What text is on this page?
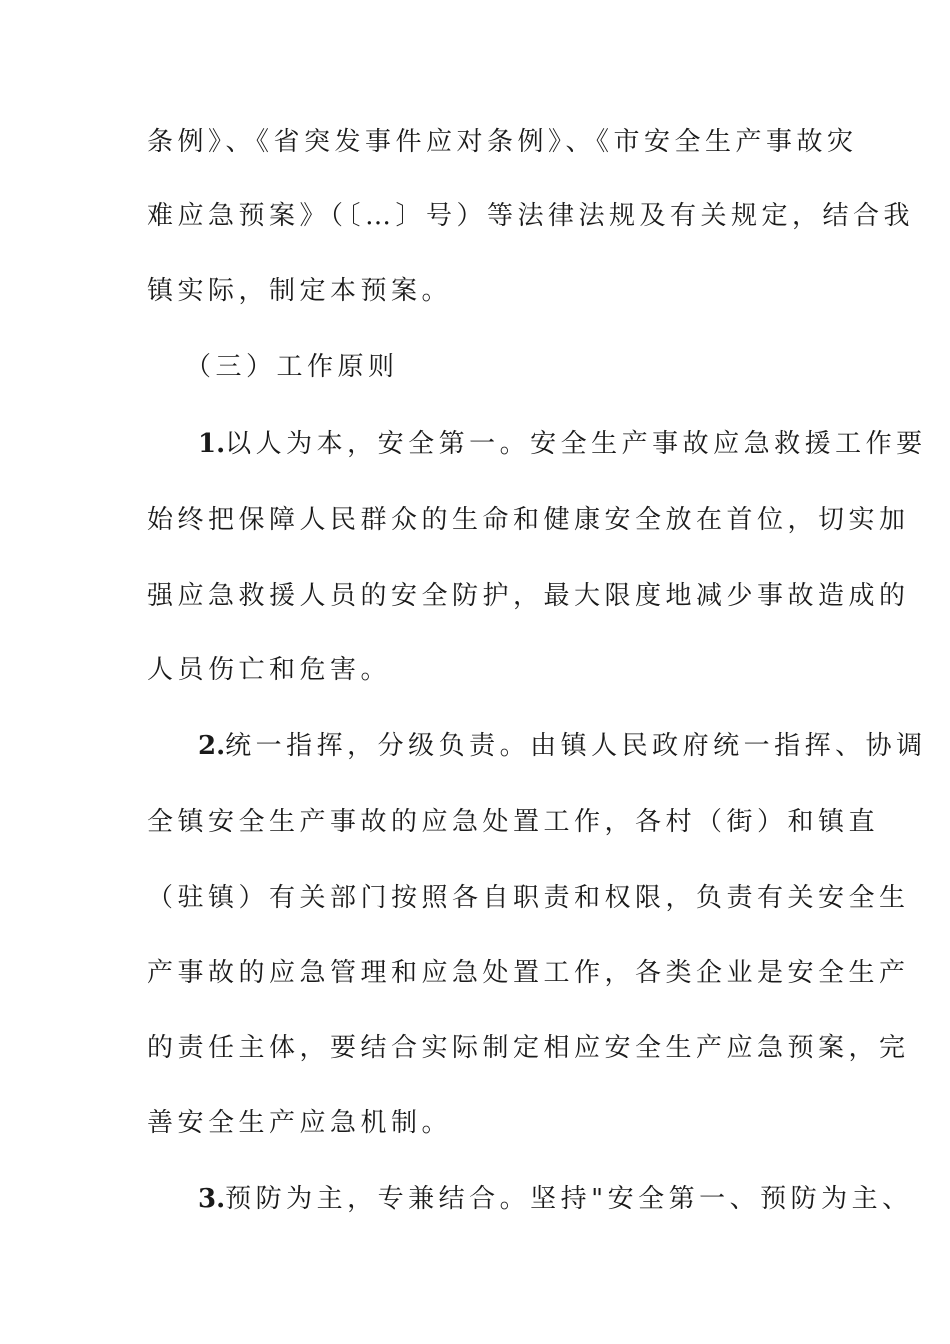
条例》、《省突发事件应对条例》、《市安全生产事故灾
难应急预案》（〔…〕号）等法律法规及有关规定，结合我
镇实际，制定本预案。
（三）工作原则
1.以人为本，安全第一。安全生产事故应急救援工作要
始终把保障人民群众的生命和健康安全放在首位，切实加
强应急救援人员的安全防护，最大限度地减少事故造成的
人员伤亡和危害。
2.统一指挥，分级负责。由镇人民政府统一指挥、协调
全镇安全生产事故的应急处置工作，各村（街）和镇直
（驻镇）有关部门按照各自职责和权限，负责有关安全生
产事故的应急管理和应急处置工作，各类企业是安全生产
的责任主体，要结合实际制定相应安全生产应急预案，完
善安全生产应急机制。
3.预防为主，专兼结合。坚持"安全第一、预防为主、
